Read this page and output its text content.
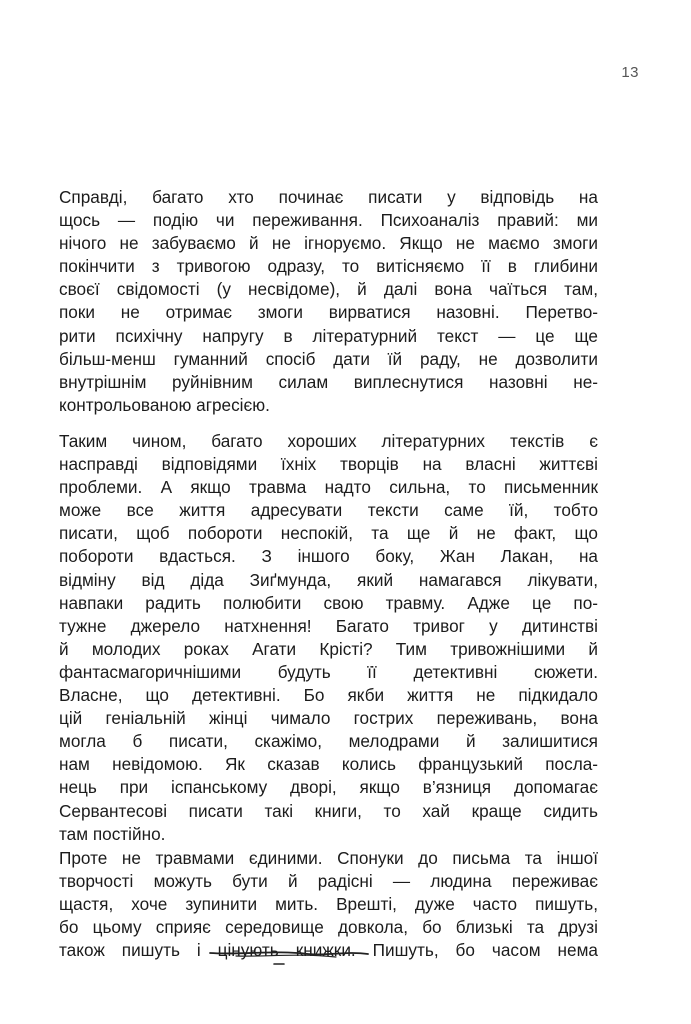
13
Справді, багато хто починає писати у відповідь на
щось — подію чи переживання. Психоаналіз правий: ми
нічого не забуваємо й не ігноруємо. Якщо не маємо змоги
покінчити з тривогою одразу, то витісняємо її в глибини
своєї свідомості (у несвідоме), й далі вона чаїться там,
поки не отримає змоги вирватися назовні. Перетво-
рити психічну напругу в літературний текст — це ще
більш-менш гуманний спосіб дати їй раду, не дозволити
внутрішнім руйнівним силам виплеснутися назовні не-
контрольованою агресією.
Таким чином, багато хороших літературних текстів є
насправді відповідями їхніх творців на власні життєві
проблеми. А якщо травма надто сильна, то письменник
може все життя адресувати тексти саме їй, тобто
писати, щоб побороти неспокій, та ще й не факт, що
побороти вдасться. З іншого боку, Жан Лакан, на
відміну від діда Зиґмунда, який намагався лікувати,
навпаки радить полюбити свою травму. Адже це по-
тужне джерело натхнення! Багато тривог у дитинстві
й молодих роках Агати Крісті? Тим тривожнішими й
фантасмагоричнішими будуть її детективні сюжети.
Власне, що детективні. Бо якби життя не підкидало
цій геніальній жінці чимало гострих переживань, вона
могла б писати, скажімо, мелодрами й залишитися
нам невідомою. Як сказав колись французький посла-
нець при іспанському дворі, якщо в’язниця допомагає
Сервантесові писати такі книги, то хай краще сидить
там постійно.
Проте не травмами єдиними. Спонуки до письма та іншої
творчості можуть бути й радісні — людина переживає
щастя, хоче зупинити мить. Врешті, дуже часто пишуть,
бо цьому сприяє середовище довкола, бо близькі та друзі
також пишуть і цінують книжки. Пишуть, бо часом нема
